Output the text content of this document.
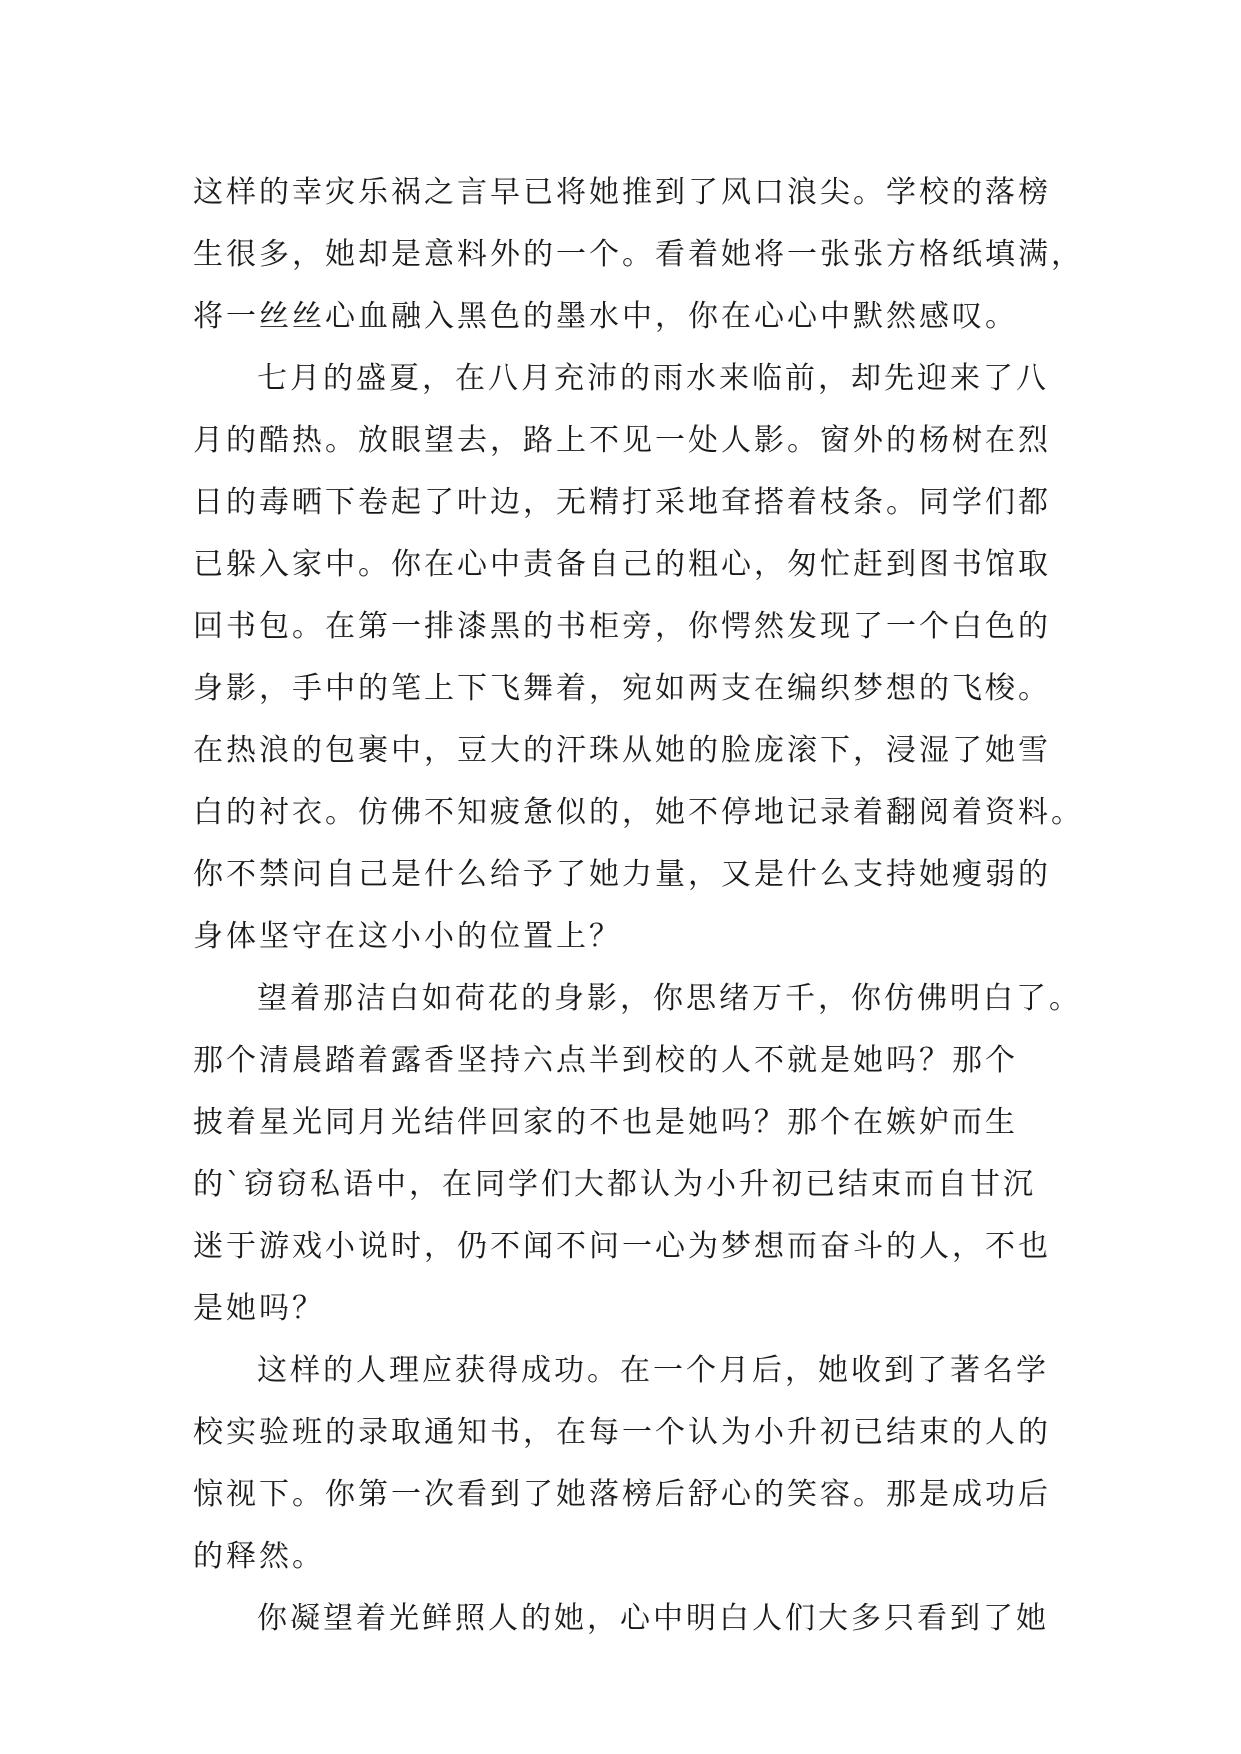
这样的幸灾乐祸之言早已将她推到了风口浪尖。学校的落榜
生很多，她却是意料外的一个。看着她将一张张方格纸填满，
将一丝丝心血融入黑色的墨水中，你在心心中默然感叹。
七月的盛夏，在八月充沛的雨水来临前，却先迎来了八
月的酷热。放眼望去，路上不见一处人影。窗外的杨树在烈
日的毒晒下卷起了叶边，无精打采地耷搭着枝条。同学们都
已躲入家中。你在心中责备自己的粗心，匆忙赶到图书馆取
回书包。在第一排漆黑的书柜旁，你愕然发现了一个白色的
身影，手中的笔上下飞舞着，宛如两支在编织梦想的飞梭。
在热浪的包裹中，豆大的汗珠从她的脸庞滚下，浸湿了她雪
白的衬衣。仿佛不知疲惫似的，她不停地记录着翻阅着资料。
你不禁问自己是什么给予了她力量，又是什么支持她瘦弱的
身体坚守在这小小的位置上？
望着那洁白如荷花的身影，你思绪万千，你仿佛明白了。
那个清晨踏着露香坚持六点半到校的人不就是她吗？那个
披着星光同月光结伴回家的不也是她吗？那个在嫉妒而生
的`窃窃私语中，在同学们大都认为小升初已结束而自甘沉
迷于游戏小说时，仍不闻不问一心为梦想而奋斗的人，不也
是她吗？
这样的人理应获得成功。在一个月后，她收到了著名学
校实验班的录取通知书，在每一个认为小升初已结束的人的
惊视下。你第一次看到了她落榜后舒心的笑容。那是成功后
的释然。
你凝望着光鲜照人的她，心中明白人们大多只看到了她
